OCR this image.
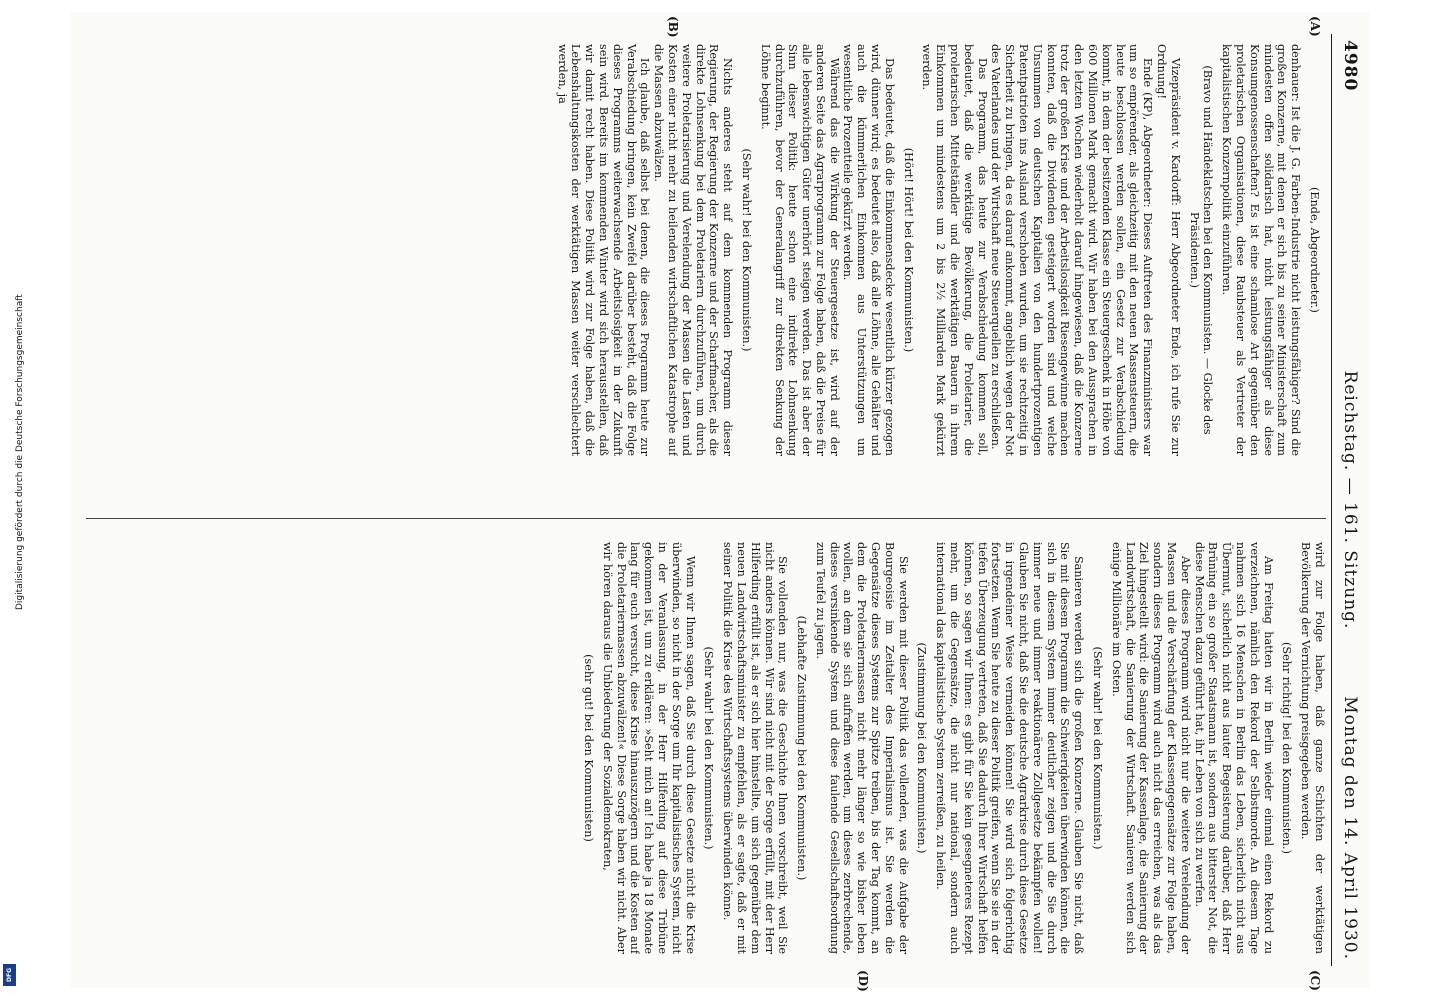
Digitalisierung gefördert durch die Deutsche Forschungsgemeinschaft
DFG
4980
Reichstag. — 161. Sitzung.
Montag den 14. April 1930.
(A)
(B)
(C)
(D)

(Ende, Abgeordneter.)

denhauer: Ist die J. G. Farben-Industrie nicht leistungsfähiger? Sind die großen Konzerne, mit denen er sich bis zu seiner Ministerschaft zum mindesten offen solidarisch hat, nicht leistungsfähiger als diese Konsumgenossenschaften? Es ist eine schamlose Art gegenüber den proletarischen Organisationen, diese Raubsteuer als Vertreter der kapitalistischen Konzernpolitik einzuführen.

(Bravo und Händeklatschen bei den Kommunisten. — Glocke des Präsidenten.)

Vizepräsident v. Kardorff: Herr Abgeordneter Ende, ich rufe Sie zur Ordnung!

Ende (KP), Abgeordneter: Dieses Auftreten des Finanzministers war um so empörender, als gleichzeitig mit den neuen Massensteuern, die heute beschlossen werden sollen, ein Gesetz zur Verabschiedung kommt, in dem der besitzenden Klasse ein Steuergeschenk in Höhe von 600 Millionen Mark gemacht wird. Wir haben bei den Aussprachen in den letzten Wochen wiederholt darauf hingewiesen, daß die Konzerne trotz der großen Krise und der Arbeitslosigkeit Riesengewinne machen konnten, daß die Dividenden gesteigert worden sind und welche Unsummen von deutschen Kapitalien von den hundertprozentigen Patentpatrioten ins Ausland verschoben wurden, um sie rechtzeitig in Sicherheit zu bringen, da es darauf ankommt, angeblich wegen der Not des Vaterlandes und der Wirtschaft neue Steuerquellen zu erschließen.

Das Programm, das heute zur Verabschiedung kommen soll, bedeutet, daß die werktätige Bevölkerung, die Proletarier, die proletarischen Mittelständler und die werktätigen Bauern in ihrem Einkommen um mindestens um 2 bis 2½ Milliarden Mark gekürzt werden.

(Hört! Hört! bei den Kommunisten.)

Das bedeutet, daß die Einkommensdecke wesentlich kürzer gezogen wird, dünner wird; es bedeutet also, daß alle Löhne, alle Gehälter und auch die kümmerlichen Einkommen aus Unterstützungen um wesentliche Prozentteile gekürzt werden.

Während das die Wirkung der Steuergesetze ist, wird auf der anderen Seite das Agrarprogramm zur Folge haben, daß die Preise für alle lebenswichtigen Güter unerhört steigen werden. Das ist aber der Sinn dieser Politik: heute schon eine indirekte Lohnsenkung durchzuführen, bevor der Generalangriff zur direkten Senkung der Löhne beginnt.

(Sehr wahr! bei den Kommunisten.)

Nichts anderes steht auf dem kommenden Programm dieser Regierung, der Regierung der Konzerne und der Scharfmacher, als die direkte Lohnsenkung bei dem Proletariern durchzuführen, um durch weitere Proletarisierung und Verelendung der Massen die Lasten und Kosten einer nicht mehr zu heilenden wirtschaftlichen Katastrophe auf die Massen abzuwälzen.

Ich glaube, daß selbst bei denen, die dieses Programm heute zur Verabschiedung bringen, kein Zweifel darüber besteht, daß die Folge dieses Programms weiterwachsende Arbeitslosigkeit in der Zukunft sein wird. Bereits im kommenden Winter wird sich herausstellen, daß wir damit recht haben. Diese Politik wird zur Folge haben, daß die Lebenshaltungskosten der werktätigen Massen weiter verschlechtert werden, ja

wird zur Folge haben, daß ganze Schichten der werktätigen Bevölkerung der Vernichtung preisgegeben werden.

(Sehr richtig! bei den Kommunisten.)

Am Freitag hatten wir in Berlin wieder einmal einen Rekord zu verzeichnen, nämlich den Rekord der Selbstmorde. An diesem Tage nahmen sich 16 Menschen in Berlin das Leben, sicherlich nicht aus Übermut, sicherlich nicht aus lauter Begeisterung darüber, daß Herr Brüning ein so großer Staatsmann ist, sondern aus bitterster Not, die diese Menschen dazu geführt hat, ihr Leben von sich zu werfen.

Aber dieses Programm wird nicht nur die weitere Verelendung der Massen und die Verschärfung der Klassengegensätze zur Folge haben, sondern dieses Programm wird auch nicht das erreichen, was als das Ziel hingestellt wird: die Sanierung der Kassenlage, die Sanierung der Landwirtschaft, die Sanierung der Wirtschaft. Sanieren werden sich einige Millionäre im Osten.

(Sehr wahr! bei den Kommunisten.)

Sanieren werden sich die großen Konzerne. Glauben Sie nicht, daß Sie mit diesem Programm die Schwierigkeiten überwinden können, die sich in diesem System immer deutlicher zeigen und die Sie durch immer neue und immer reaktionärere Zollgesetze bekämpfen wollen! Glauben Sie nicht, daß Sie die deutsche Agrarkrise durch diese Gesetze in irgendeiner Weise vermeiden können! Sie wird sich folgerichtig fortsetzen. Wenn Sie heute zu dieser Politik greifen, wenn Sie sie in der tiefen Überzeugung vertreten, daß Sie dadurch Ihrer Wirtschaft helfen können, so sagen wir Ihnen: es gibt für Sie kein gesegneteres Rezept mehr, um die Gegensätze, die nicht nur national, sondern auch international das kapitalistische System zerreißen, zu heilen.

(Zustimmung bei den Kommunisten.)

Sie werden mit dieser Politik das vollenden, was die Aufgabe der Bourgeoisie im Zeitalter des Imperialismus ist. Sie werden die Gegensätze dieses Systems zur Spitze treiben, bis der Tag kommt, an dem die Proletariermassen nicht mehr länger so wie bisher leben wollen, an dem sie sich aufraffen werden, um dieses zerbrechende, dieses versinkende System und diese faulende Gesellschaftsordnung zum Teufel zu jagen.

(Lebhafte Zustimmung bei den Kommunisten.)

Sie vollenden nur, was die Geschichte Ihnen vorschreibt, weil Sie nicht anders können. Wir sind nicht mit der Sorge erfüllt, mit der Herr Hilferding erfüllt ist, als er sich hier hinstellte, um sich gegenüber dem neuen Landwirtschaftsminister zu empfehlen, als er sagte, daß er mit seiner Politik die Krise des Wirtschaftssystems überwinden könne.

(Sehr wahr! bei den Kommunisten.)

Wenn wir Ihnen sagen, daß Sie durch diese Gesetze nicht die Krise überwinden, so nicht in der Sorge um Ihr kapitalistisches System, nicht in der Veranlassung, in der Herr Hilferding auf diese Tribüne gekommen ist, um zu erklären: »Seht mich an! Ich habe ja 18 Monate lang für euch versucht, diese Krise hinauszuzögern und die Kosten auf die Proletariermassen abzuwälzen!« Diese Sorge haben wir nicht. Aber wir hören daraus die Unbiederung der Sozialdemokraten,

(sehr gut! bei den Kommunisten)
